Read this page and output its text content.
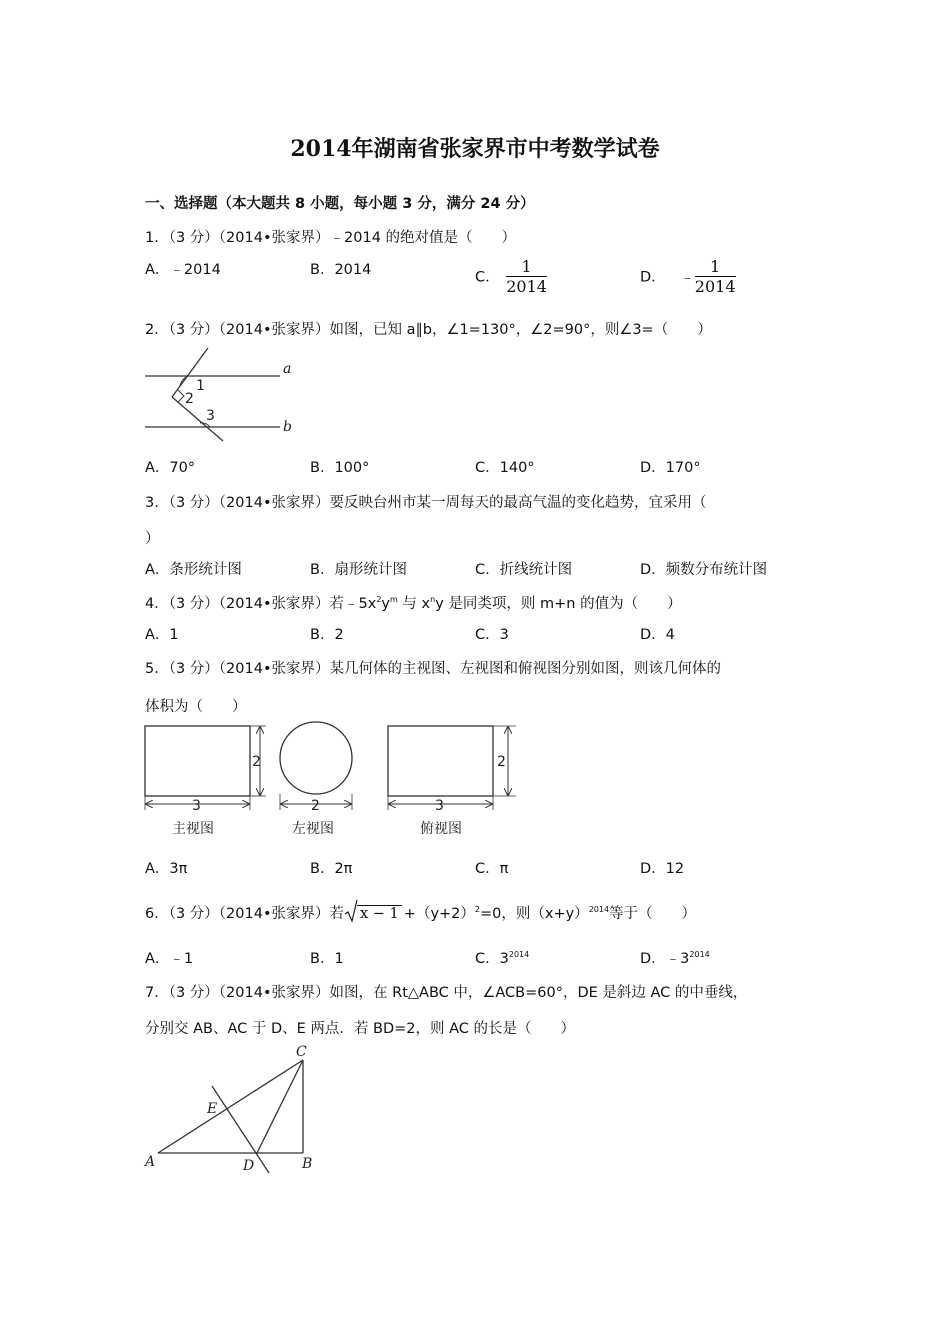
2014年湖南省张家界市中考数学试卷
一、选择题（本大题共 8 小题，每小题 3 分，满分 24 分）
1．（3 分）（2014•张家界）﹣2014 的绝对值是（　　）
A．﹣2014	B．2014	C． $\frac{1}{2014}$	D． ﹣ $\frac{1}{2014}$
2．（3 分）（2014•张家界）如图，已知 a∥b，∠1=130°，∠2=90°，则∠3=（　　）
a
b
1
2
3
A．70°	B．100°	C．140°	D．170°
3．（3 分）（2014•张家界）要反映台州市某一周每天的最高气温的变化趋势，宜采用（
）
A．条形统计图	B．扇形统计图	C．折线统计图	D．频数分布统计图
4．（3 分）（2014•张家界）若$﹣5x^2y^m$ 与 $x^ny$ 是同类项，则 m+n 的值为（　　）
A．1	B．2	C．3	D．4
5．（3 分）（2014•张家界）某几何体的主视图、左视图和俯视图分别如图，则该几何体的
体积为（　　）
2
3
主视图
2
左视图
2
3
俯视图
A．3π	B．2π	C．π	D．12
6．（3 分）（2014•张家界）若 $x - 1 +(y+2)^2=0$，则$(x+y)^{2014}$等于（　　）
A．﹣1	B．1	C．$3^{2014}$	D．$﹣3^{2014}$
7．（3 分）（2014•张家界）如图，在 Rt△ABC 中，∠ACB=60°，DE 是斜边 AC 的中垂线，
分别交 AB、AC 于 D、E 两点．若 BD=2，则 AC 的长是（　　）
C
E
A	D	B
